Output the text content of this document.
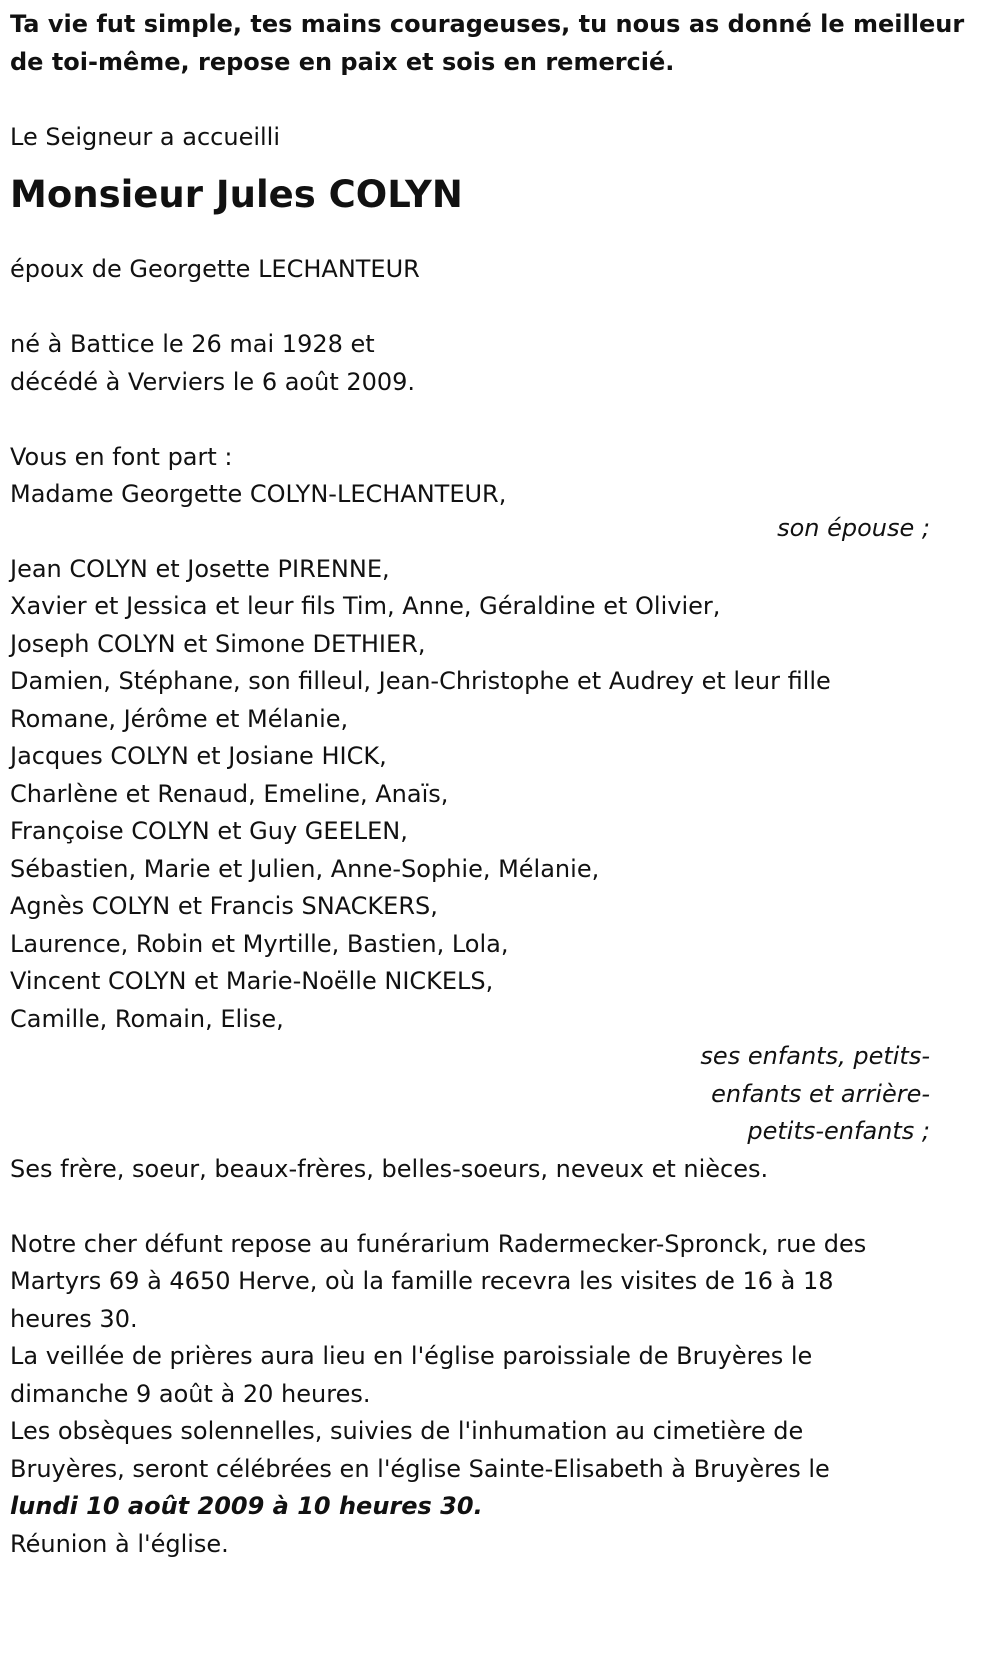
Ta vie fut simple, tes mains courageuses, tu nous as donné le meilleur
de toi-même, repose en paix et sois en remercié.
Le Seigneur a accueilli
Monsieur Jules COLYN
époux de Georgette LECHANTEUR
né à Battice le 26 mai 1928 et
décédé à Verviers le 6 août 2009.
Vous en font part :
Madame Georgette COLYN-LECHANTEUR,
son épouse ;
Jean COLYN et Josette PIRENNE,
Xavier et Jessica et leur fils Tim, Anne, Géraldine et Olivier,
Joseph COLYN et Simone DETHIER,
Damien, Stéphane, son filleul, Jean-Christophe et Audrey et leur fille
Romane, Jérôme et Mélanie,
Jacques COLYN et Josiane HICK,
Charlène et Renaud, Emeline, Anaïs,
Françoise COLYN et Guy GEELEN,
Sébastien, Marie et Julien, Anne-Sophie, Mélanie,
Agnès COLYN et Francis SNACKERS,
Laurence, Robin et Myrtille, Bastien, Lola,
Vincent COLYN et Marie-Noëlle NICKELS,
Camille, Romain, Elise,
ses enfants, petits-
enfants et arrière-
petits-enfants ;
Ses frère, soeur, beaux-frères, belles-soeurs, neveux et nièces.
Notre cher défunt repose au funérarium Radermecker-Spronck, rue des
Martyrs 69 à 4650 Herve, où la famille recevra les visites de 16 à 18
heures 30.
La veillée de prières aura lieu en l'église paroissiale de Bruyères le
dimanche 9 août à 20 heures.
Les obsèques solennelles, suivies de l'inhumation au cimetière de
Bruyères, seront célébrées en l'église Sainte-Elisabeth à Bruyères le
lundi 10 août 2009 à 10 heures 30.
Réunion à l'église.
